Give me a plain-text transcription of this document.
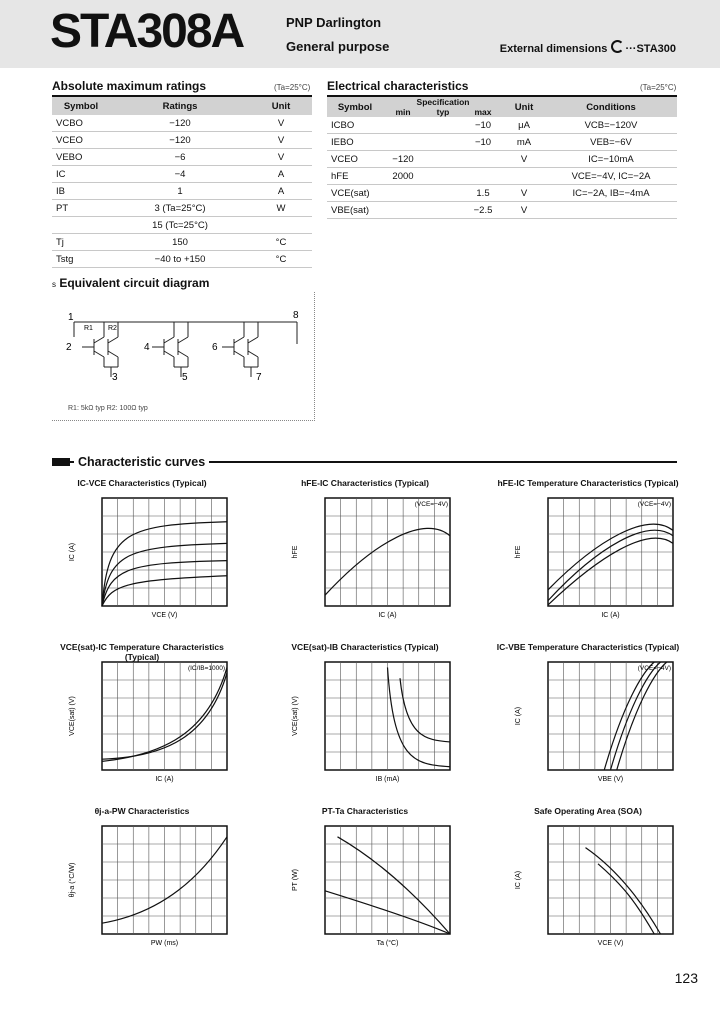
STA308A	PNP Darlington
General purpose	External dimensions ···STA300
Absolute maximum ratings	(Ta=25°C)
Symbol	Ratings	Unit
VCBO	−120	V
VCEO	−120	V
VEBO	−6	V
IC	−4	A
IB	1	A
PT	3 (Ta=25°C)	W
	15 (Tc=25°C)	
Tj	150	°C
Tstg	−40 to +150	°C
Electrical characteristics	(Ta=25°C)
Symbol	Specification			Unit	Conditions
	min	typ	max		
ICBO			−10	μA	VCB=−120V
IEBO			−10	mA	VEB=−6V
VCEO	−120			V	IC=−10mA
hFE	2000				VCE=−4V, IC=−2A
VCE(sat)			1.5	V	IC=−2A, IB=−4mA
VBE(sat)			−2.5	V	
s Equivalent circuit diagram
1	8
2
3
4
5
6
7
R1 R2
R1: 5kΩ typ R2: 100Ω typ
Characteristic curves
IC-VCE Characteristics (Typical)
VCE (V)
IC (A)
hFE-IC Characteristics (Typical)
IC (A)
hFE
(VCE=−4V)
hFE-IC Temperature Characteristics (Typical)
IC (A)
hFE
(VCE=−4V)
VCE(sat)-IC Temperature Characteristics (Typical)
IC (A)
VCE(sat) (V)
(IC/IB=1000)
VCE(sat)-IB Characteristics (Typical)
IB (mA)
VCE(sat) (V)
IC-VBE Temperature Characteristics (Typical)
VBE (V)
IC (A)
(VCE=−4V)
θj-a-PW Characteristics
PW (ms)
θj-a (°C/W)
PT-Ta Characteristics
Ta (°C)
PT (W)
Safe Operating Area (SOA)
VCE (V)
IC (A)
123
